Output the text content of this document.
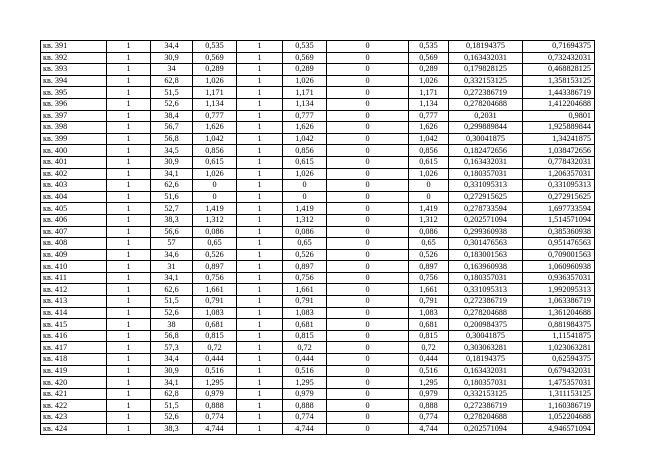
кв. 391	1	34,4	0,535	1	0,535	0	0,535	0,18194375	0,71694375
кв. 392	1	30,9	0,569	1	0,569	0	0,569	0,163432031	0,732432031
кв. 393	1	34	0,289	1	0,289	0	0,289	0,179828125	0,468828125
кв. 394	1	62,8	1,026	1	1,026	0	1,026	0,332153125	1,358153125
кв. 395	1	51,5	1,171	1	1,171	0	1,171	0,272386719	1,443386719
кв. 396	1	52,6	1,134	1	1,134	0	1,134	0,278204688	1,412204688
кв. 397	1	38,4	0,777	1	0,777	0	0,777	0,2031	0,9801
кв. 398	1	56,7	1,626	1	1,626	0	1,626	0,299889844	1,925889844
кв. 399	1	56,8	1,042	1	1,042	0	1,042	0,30041875	1,34241875
кв. 400	1	34,5	0,856	1	0,856	0	0,856	0,182472656	1,038472656
кв. 401	1	30,9	0,615	1	0,615	0	0,615	0,163432031	0,778432031
кв. 402	1	34,1	1,026	1	1,026	0	1,026	0,180357031	1,206357031
кв. 403	1	62,6	0	1	0	0	0	0,331095313	0,331095313
кв. 404	1	51,6	0	1	0	0	0	0,272915625	0,272915625
кв. 405	1	52,7	1,419	1	1,419	0	1,419	0,278733594	1,697733594
кв. 406	1	38,3	1,312	1	1,312	0	1,312	0,202571094	1,514571094
кв. 407	1	56,6	0,086	1	0,086	0	0,086	0,299360938	0,385360938
кв. 408	1	57	0,65	1	0,65	0	0,65	0,301476563	0,951476563
кв. 409	1	34,6	0,526	1	0,526	0	0,526	0,183001563	0,709001563
кв. 410	1	31	0,897	1	0,897	0	0,897	0,163960938	1,060960938
кв. 411	1	34,1	0,756	1	0,756	0	0,756	0,180357031	0,936357031
кв. 412	1	62,6	1,661	1	1,661	0	1,661	0,331095313	1,992095313
кв. 413	1	51,5	0,791	1	0,791	0	0,791	0,272386719	1,063386719
кв. 414	1	52,6	1,083	1	1,083	0	1,083	0,278204688	1,361204688
кв. 415	1	38	0,681	1	0,681	0	0,681	0,200984375	0,881984375
кв. 416	1	56,8	0,815	1	0,815	0	0,815	0,30041875	1,11541875
кв. 417	1	57,3	0,72	1	0,72	0	0,72	0,303063281	1,023063281
кв. 418	1	34,4	0,444	1	0,444	0	0,444	0,18194375	0,62594375
кв. 419	1	30,9	0,516	1	0,516	0	0,516	0,163432031	0,679432031
кв. 420	1	34,1	1,295	1	1,295	0	1,295	0,180357031	1,475357031
кв. 421	1	62,8	0,979	1	0,979	0	0,979	0,332153125	1,311153125
кв. 422	1	51,5	0,888	1	0,888	0	0,888	0,272386719	1,160386719
кв. 423	1	52,6	0,774	1	0,774	0	0,774	0,278204688	1,052204688
кв. 424	1	38,3	4,744	1	4,744	0	4,744	0,202571094	4,946571094
